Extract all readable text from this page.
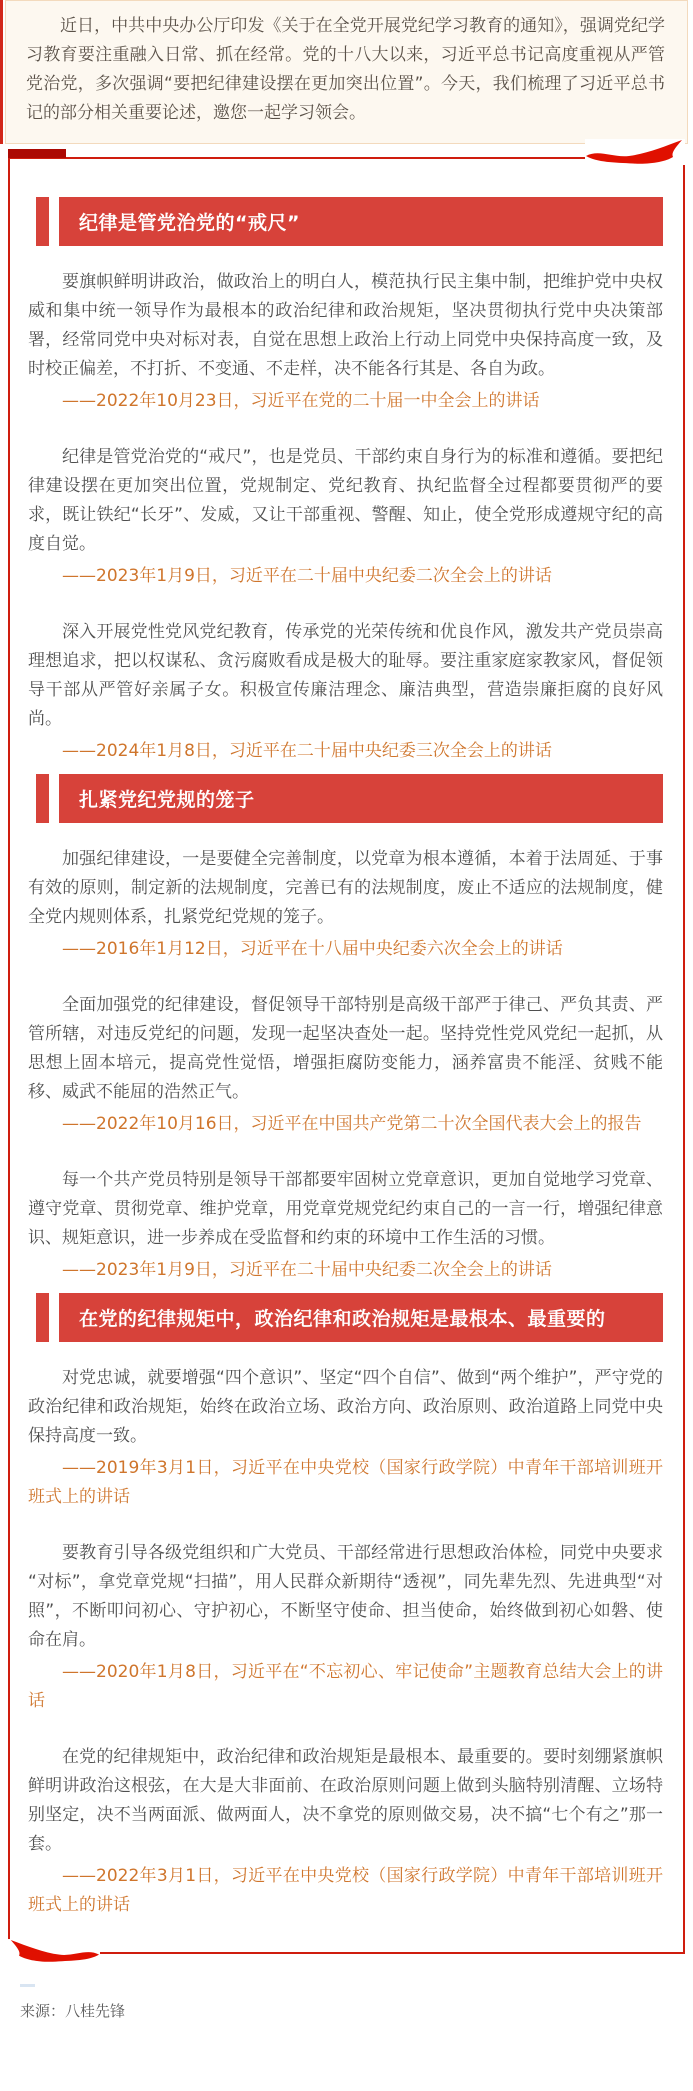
近日，中共中央办公厅印发《关于在全党开展党纪学习教育的通知》，强调党纪学习教育要注重融入日常、抓在经常。党的十八大以来，习近平总书记高度重视从严管党治党，多次强调“要把纪律建设摆在更加突出位置”。今天，我们梳理了习近平总书记的部分相关重要论述，邀您一起学习领会。

纪律是管党治党的“戒尺”

要旗帜鲜明讲政治，做政治上的明白人，模范执行民主集中制，把维护党中央权威和集中统一领导作为最根本的政治纪律和政治规矩，坚决贯彻执行党中央决策部署，经常同党中央对标对表，自觉在思想上政治上行动上同党中央保持高度一致，及时校正偏差，不打折、不变通、不走样，决不能各行其是、各自为政。

——2022年10月23日，习近平在党的二十届一中全会上的讲话

纪律是管党治党的“戒尺”，也是党员、干部约束自身行为的标准和遵循。要把纪律建设摆在更加突出位置，党规制定、党纪教育、执纪监督全过程都要贯彻严的要求，既让铁纪“长牙”、发威，又让干部重视、警醒、知止，使全党形成遵规守纪的高度自觉。

——2023年1月9日，习近平在二十届中央纪委二次全会上的讲话

深入开展党性党风党纪教育，传承党的光荣传统和优良作风，激发共产党员崇高理想追求，把以权谋私、贪污腐败看成是极大的耻辱。要注重家庭家教家风，督促领导干部从严管好亲属子女。积极宣传廉洁理念、廉洁典型，营造崇廉拒腐的良好风尚。

——2024年1月8日，习近平在二十届中央纪委三次全会上的讲话

扎紧党纪党规的笼子

加强纪律建设，一是要健全完善制度，以党章为根本遵循，本着于法周延、于事有效的原则，制定新的法规制度，完善已有的法规制度，废止不适应的法规制度，健全党内规则体系，扎紧党纪党规的笼子。

——2016年1月12日，习近平在十八届中央纪委六次全会上的讲话

全面加强党的纪律建设，督促领导干部特别是高级干部严于律己、严负其责、严管所辖，对违反党纪的问题，发现一起坚决查处一起。坚持党性党风党纪一起抓，从思想上固本培元，提高党性觉悟，增强拒腐防变能力，涵养富贵不能淫、贫贱不能移、威武不能屈的浩然正气。

——2022年10月16日，习近平在中国共产党第二十次全国代表大会上的报告

每一个共产党员特别是领导干部都要牢固树立党章意识，更加自觉地学习党章、遵守党章、贯彻党章、维护党章，用党章党规党纪约束自己的一言一行，增强纪律意识、规矩意识，进一步养成在受监督和约束的环境中工作生活的习惯。

——2023年1月9日，习近平在二十届中央纪委二次全会上的讲话

在党的纪律规矩中，政治纪律和政治规矩是最根本、最重要的

对党忠诚，就要增强“四个意识”、坚定“四个自信”、做到“两个维护”，严守党的政治纪律和政治规矩，始终在政治立场、政治方向、政治原则、政治道路上同党中央保持高度一致。

——2019年3月1日，习近平在中央党校（国家行政学院）中青年干部培训班开班式上的讲话

要教育引导各级党组织和广大党员、干部经常进行思想政治体检，同党中央要求“对标”，拿党章党规“扫描”，用人民群众新期待“透视”，同先辈先烈、先进典型“对照”，不断叩问初心、守护初心，不断坚守使命、担当使命，始终做到初心如磐、使命在肩。

——2020年1月8日，习近平在“不忘初心、牢记使命”主题教育总结大会上的讲话

在党的纪律规矩中，政治纪律和政治规矩是最根本、最重要的。要时刻绷紧旗帜鲜明讲政治这根弦，在大是大非面前、在政治原则问题上做到头脑特别清醒、立场特别坚定，决不当两面派、做两面人，决不拿党的原则做交易，决不搞“七个有之”那一套。

——2022年3月1日，习近平在中央党校（国家行政学院）中青年干部培训班开班式上的讲话

来源：八桂先锋
